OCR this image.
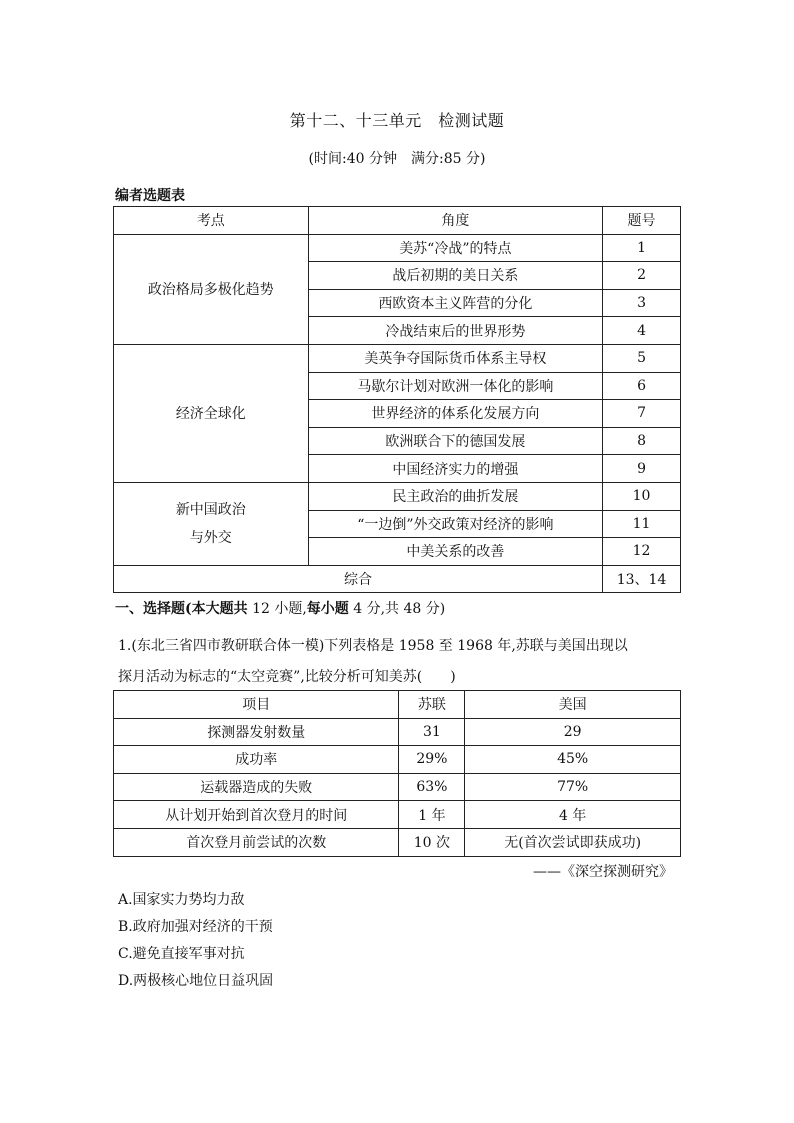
第十二、十三单元　检测试题
(时间:40 分钟　满分:85 分)
编者选题表
考点	角度	题号
政治格局多极化趋势	美苏“冷战”的特点	1
	战后初期的美日关系	2
	西欧资本主义阵营的分化	3
	冷战结束后的世界形势	4
经济全球化	美英争夺国际货币体系主导权	5
	马歇尔计划对欧洲一体化的影响	6
	世界经济的体系化发展方向	7
	欧洲联合下的德国发展	8
	中国经济实力的增强	9
新中国政治
与外交	民主政治的曲折发展	10
	“一边倒”外交政策对经济的影响	11
	中美关系的改善	12
综合		13、14
一、选择题(本大题共 12 小题,每小题 4 分,共 48 分)
1.(东北三省四市教研联合体一模)下列表格是 1958 至 1968 年,苏联与美国出现以
探月活动为标志的“太空竞赛”,比较分析可知美苏(　　)
项目	苏联	美国
探测器发射数量	31	29
成功率	29%	45%
运载器造成的失败	63%	77%
从计划开始到首次登月的时间	1 年	4 年
首次登月前尝试的次数	10 次	无(首次尝试即获成功)
——《深空探测研究》
A.国家实力势均力敌
B.政府加强对经济的干预
C.避免直接军事对抗
D.两极核心地位日益巩固
